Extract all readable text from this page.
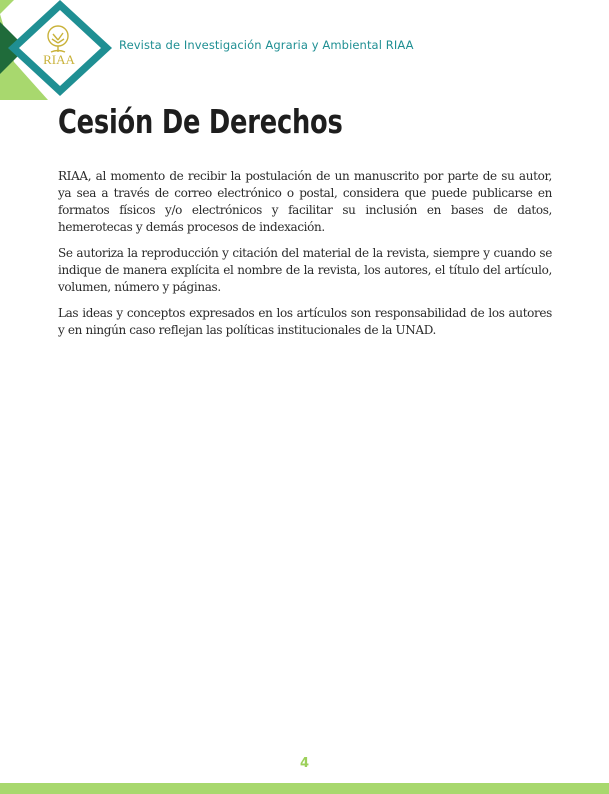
RIAA
Revista de Investigación Agraria y Ambiental RIAA
Cesión De Derechos

RIAA, al momento de recibir la postulación de un manuscrito por parte de su autor, ya sea a través de correo electrónico o postal, considera que puede publicarse en formatos físicos y/o electrónicos y facilitar su inclusión en bases de datos, hemerotecas y demás procesos de indexación.

Se autoriza la reproducción y citación del material de la revista, siempre y cuando se indique de manera explícita el nombre de la revista, los autores, el título del artículo, volumen, número y páginas.

Las ideas y conceptos expresados en los artículos son responsabilidad de los autores y en ningún caso reflejan las políticas institucionales de la UNAD.

4
